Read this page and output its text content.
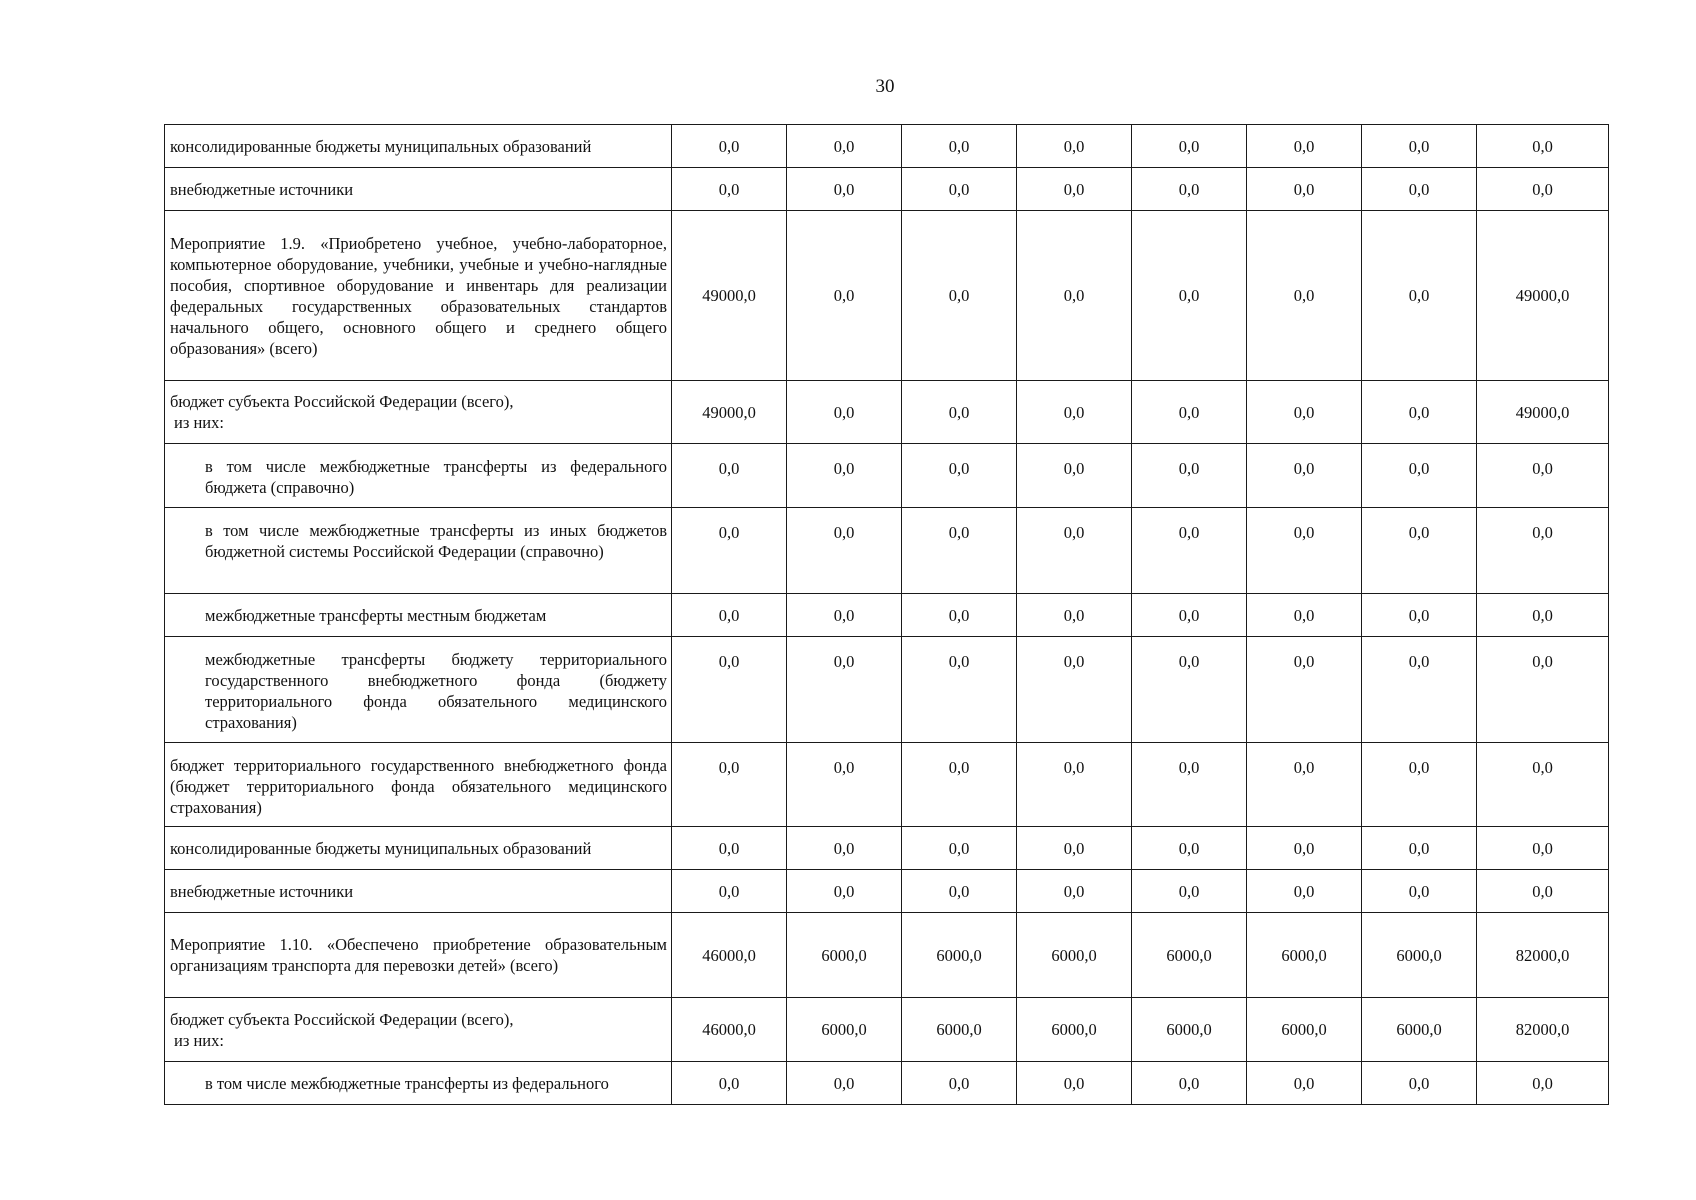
30
консолидированные бюджеты муниципальных образований	0,0	0,0	0,0	0,0	0,0	0,0	0,0	0,0
внебюджетные источники	0,0	0,0	0,0	0,0	0,0	0,0	0,0	0,0
Мероприятие 1.9. «Приобретено учебное, учебно-лабораторное, компьютерное оборудование, учебники, учебные и учебно-наглядные пособия, спортивное оборудование и инвентарь для реализации федеральных государственных образовательных стандартов начального общего, основного общего и среднего общего образования» (всего)	49000,0	0,0	0,0	0,0	0,0	0,0	0,0	49000,0
бюджет субъекта Российской Федерации (всего),
из них:	49000,0	0,0	0,0	0,0	0,0	0,0	0,0	49000,0
в том числе межбюджетные трансферты из федерального бюджета (справочно)	0,0	0,0	0,0	0,0	0,0	0,0	0,0	0,0
в том числе межбюджетные трансферты из иных бюджетов бюджетной системы Российской Федерации (справочно)	0,0	0,0	0,0	0,0	0,0	0,0	0,0	0,0
межбюджетные трансферты местным бюджетам	0,0	0,0	0,0	0,0	0,0	0,0	0,0	0,0
межбюджетные трансферты бюджету территориального государственного внебюджетного фонда (бюджету территориального фонда обязательного медицинского страхования)	0,0	0,0	0,0	0,0	0,0	0,0	0,0	0,0
бюджет территориального государственного внебюджетного фонда (бюджет территориального фонда обязательного медицинского страхования)	0,0	0,0	0,0	0,0	0,0	0,0	0,0	0,0
консолидированные бюджеты муниципальных образований	0,0	0,0	0,0	0,0	0,0	0,0	0,0	0,0
внебюджетные источники	0,0	0,0	0,0	0,0	0,0	0,0	0,0	0,0
Мероприятие 1.10. «Обеспечено приобретение образовательным организациям транспорта для перевозки детей» (всего)	46000,0	6000,0	6000,0	6000,0	6000,0	6000,0	6000,0	82000,0
бюджет субъекта Российской Федерации (всего),
из них:	46000,0	6000,0	6000,0	6000,0	6000,0	6000,0	6000,0	82000,0
в том числе межбюджетные трансферты из федерального	0,0	0,0	0,0	0,0	0,0	0,0	0,0	0,0
